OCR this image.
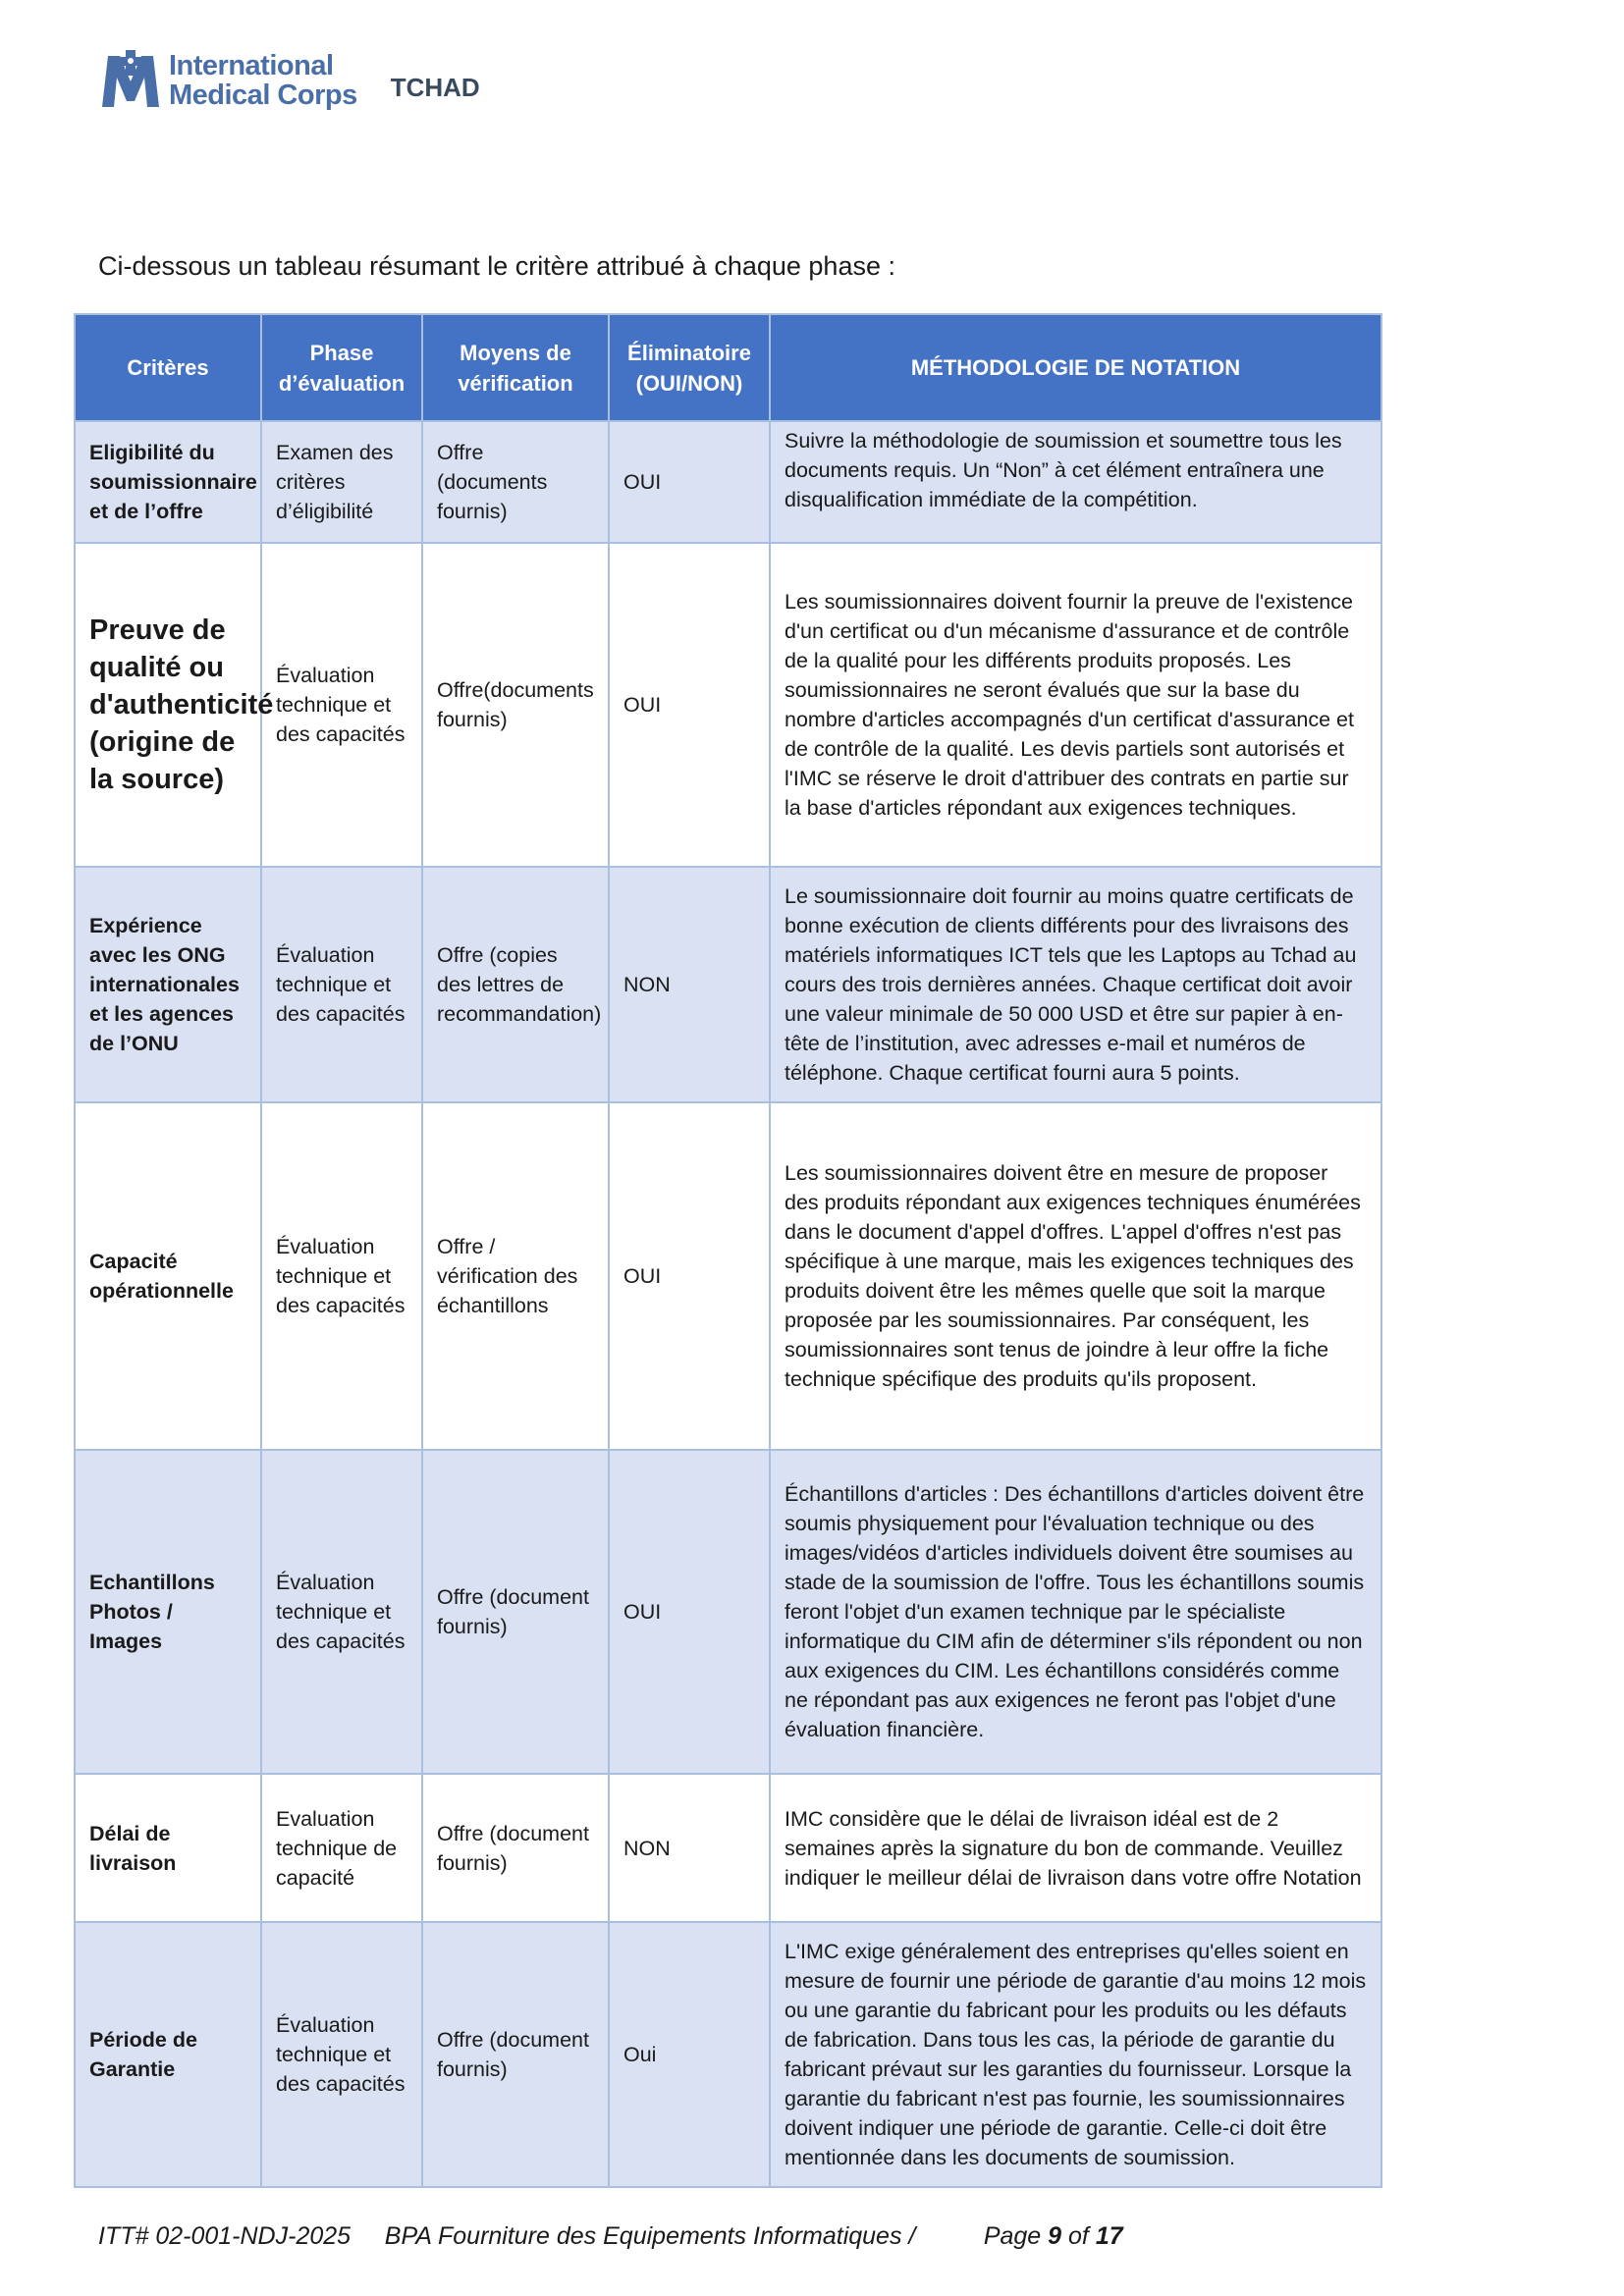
International
Medical Corps TCHAD
Ci-dessous un tableau résumant le critère attribué à chaque phase :
Critères	Phase d’évaluation	Moyens de vérification	Éliminatoire (OUI/NON)	MÉTHODOLOGIE DE NOTATION
Eligibilité du soumissionnaire et de l’offre	Examen des critères d’éligibilité	Offre (documents fournis)	OUI	Suivre la méthodologie de soumission et soumettre tous les documents requis. Un “Non” à cet élément entraînera une disqualification immédiate de la compétition.
Preuve de qualité ou d'authenticité (origine de la source)	Évaluation technique et des capacités	Offre(documents fournis)	OUI	Les soumissionnaires doivent fournir la preuve de l'existence d'un certificat ou d'un mécanisme d'assurance et de contrôle de la qualité pour les différents produits proposés. Les soumissionnaires ne seront évalués que sur la base du nombre d'articles accompagnés d'un certificat d'assurance et de contrôle de la qualité. Les devis partiels sont autorisés et l'IMC se réserve le droit d'attribuer des contrats en partie sur la base d'articles répondant aux exigences techniques.
Expérience avec les ONG internationales et les agences de l’ONU	Évaluation technique et des capacités	Offre (copies des lettres de recommandation)	NON	Le soumissionnaire doit fournir au moins quatre certificats de bonne exécution de clients différents pour des livraisons des matériels informatiques ICT tels que les Laptops au Tchad au cours des trois dernières années. Chaque certificat doit avoir une valeur minimale de 50 000 USD et être sur papier à en-tête de l’institution, avec adresses e-mail et numéros de téléphone. Chaque certificat fourni aura 5 points.
Capacité opérationnelle	Évaluation technique et des capacités	Offre / vérification des échantillons	OUI	Les soumissionnaires doivent être en mesure de proposer des produits répondant aux exigences techniques énumérées dans le document d'appel d'offres. L'appel d'offres n'est pas spécifique à une marque, mais les exigences techniques des produits doivent être les mêmes quelle que soit la marque proposée par les soumissionnaires. Par conséquent, les soumissionnaires sont tenus de joindre à leur offre la fiche technique spécifique des produits qu'ils proposent.
Echantillons Photos / Images	Évaluation technique et des capacités	Offre (document fournis)	OUI	Échantillons d'articles : Des échantillons d'articles doivent être soumis physiquement pour l'évaluation technique ou des images/vidéos d'articles individuels doivent être soumises au stade de la soumission de l'offre. Tous les échantillons soumis feront l'objet d'un examen technique par le spécialiste informatique du CIM afin de déterminer s'ils répondent ou non aux exigences du CIM. Les échantillons considérés comme ne répondant pas aux exigences ne feront pas l'objet d'une évaluation financière.
Délai de livraison	Evaluation technique de capacité	Offre (document fournis)	NON	IMC considère que le délai de livraison idéal est de 2 semaines après la signature du bon de commande. Veuillez indiquer le meilleur délai de livraison dans votre offre Notation
Période de Garantie	Évaluation technique et des capacités	Offre (document fournis)	Oui	L'IMC exige généralement des entreprises qu'elles soient en mesure de fournir une période de garantie d'au moins 12 mois ou une garantie du fabricant pour les produits ou les défauts de fabrication. Dans tous les cas, la période de garantie du fabricant prévaut sur les garanties du fournisseur. Lorsque la garantie du fabricant n'est pas fournie, les soumissionnaires doivent indiquer une période de garantie. Celle-ci doit être mentionnée dans les documents de soumission.
ITT# 02-001-NDJ-2025 BPA Fourniture des Equipements Informatiques /	Page 9 of 17
